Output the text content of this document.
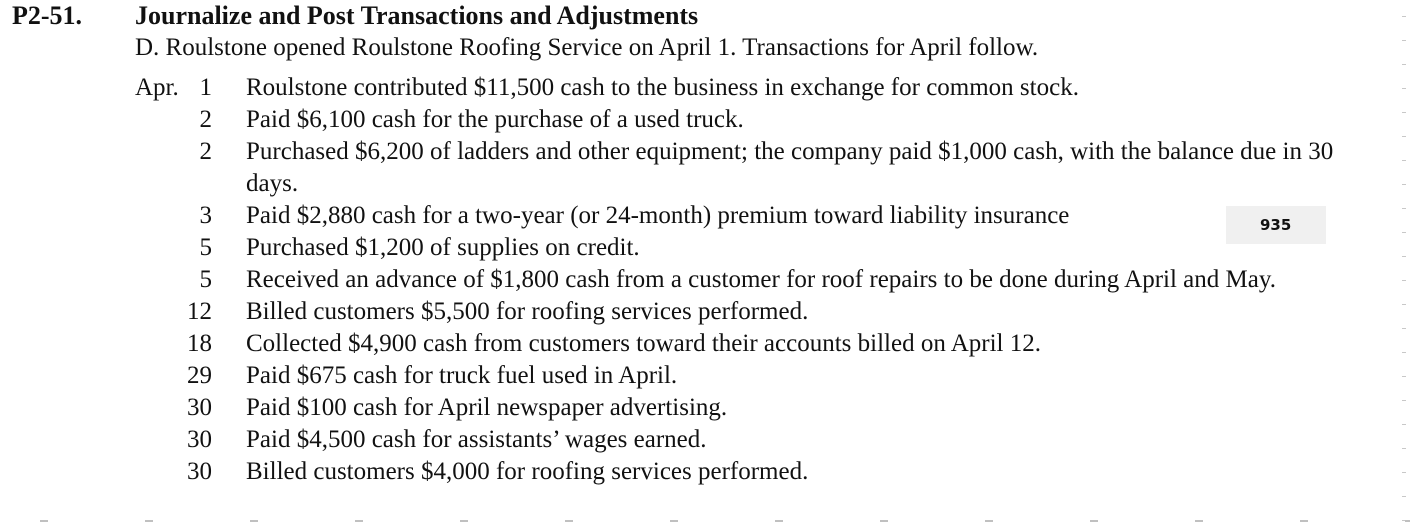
P2-51. Journalize and Post Transactions and Adjustments
D. Roulstone opened Roulstone Roofing Service on April 1. Transactions for April follow.
Apr. 1 Roulstone contributed $11,500 cash to the business in exchange for common stock.
2 Paid $6,100 cash for the purchase of a used truck.
2 Purchased $6,200 of ladders and other equipment; the company paid $1,000 cash, with the balance due in 30 days.
3 Paid $2,880 cash for a two-year (or 24-month) premium toward liability insurance
5 Purchased $1,200 of supplies on credit.
5 Received an advance of $1,800 cash from a customer for roof repairs to be done during April and May.
12 Billed customers $5,500 for roofing services performed.
18 Collected $4,900 cash from customers toward their accounts billed on April 12.
29 Paid $675 cash for truck fuel used in April.
30 Paid $100 cash for April newspaper advertising.
30 Paid $4,500 cash for assistants’ wages earned.
30 Billed customers $4,000 for roofing services performed.
935
